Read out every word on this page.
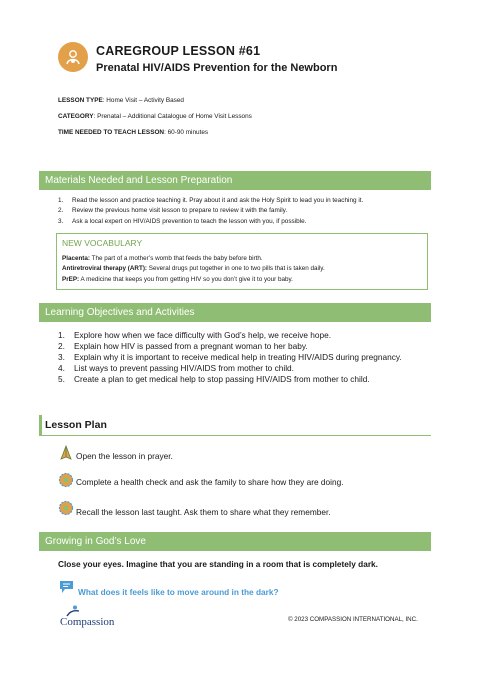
CAREGROUP LESSON #61
Prenatal HIV/AIDS Prevention for the Newborn
LESSON TYPE: Home Visit – Activity Based
CATEGORY: Prenatal – Additional Catalogue of Home Visit Lessons
TIME NEEDED TO TEACH LESSON: 60-90 minutes
Materials Needed and Lesson Preparation
1.	Read the lesson and practice teaching it. Pray about it and ask the Holy Spirit to lead you in teaching it.
2.	Review the previous home visit lesson to prepare to review it with the family.
3.	Ask a local expert on HIV/AIDS prevention to teach the lesson with you, if possible.
NEW VOCABULARY
Placenta: The part of a mother’s womb that feeds the baby before birth.
Antiretroviral therapy (ART): Several drugs put together in one to two pills that is taken daily.
PrEP: A medicine that keeps you from getting HIV so you don’t give it to your baby.
Learning Objectives and Activities
1.	Explore how when we face difficulty with God’s help, we receive hope.
2.	Explain how HIV is passed from a pregnant woman to her baby.
3.	Explain why it is important to receive medical help in treating HIV/AIDS during pregnancy.
4.	List ways to prevent passing HIV/AIDS from mother to child.
5.	Create a plan to get medical help to stop passing HIV/AIDS from mother to child.
Lesson Plan
Open the lesson in prayer.
Complete a health check and ask the family to share how they are doing.
Recall the lesson last taught. Ask them to share what they remember.
Growing in God’s Love
Close your eyes. Imagine that you are standing in a room that is completely dark.
What does it feels like to move around in the dark?
Compassion	© 2023 COMPASSION INTERNATIONAL, INC.
